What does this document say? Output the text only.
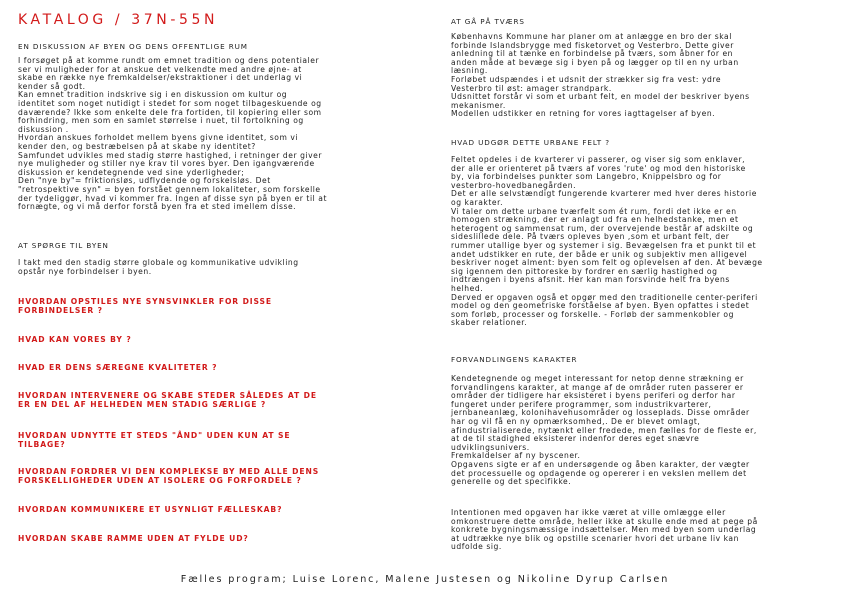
KATALOG / 37N-55N
EN DISKUSSION AF BYEN OG DENS OFFENTLIGE RUM

I forsøget på at komme rundt om emnet tradition og dens potentialer
ser vi muligheder for at anskue det velkendte med andre øjne- at
skabe en række nye fremkaldelser/ekstraktioner i det underlag vi
kender så godt.
Kan emnet tradition indskrive sig i en diskussion om kultur og
identitet som noget nutidigt i stedet for som noget tilbageskuende og
daværende? Ikke som enkelte dele fra fortiden, til kopiering eller som
forhindring, men som en samlet størrelse i nuet, til fortolkning og
diskussion .
Hvordan anskues forholdet mellem byens givne identitet, som vi
kender den, og bestræbelsen på at skabe ny identitet?
Samfundet udvikles med stadig større hastighed, i retninger der giver
nye muligheder og stiller nye krav til vores byer. Den igangværende
diskussion er kendetegnende ved sine yderligheder;
Den "nye by"= friktionsløs, udflydende og forskelsløs. Det
"retrospektive syn" = byen forstået gennem lokaliteter, som forskelle
der tydeliggør, hvad vi kommer fra. Ingen af disse syn på byen er til at
fornægte, og vi må derfor forstå byen fra et sted imellem disse.

AT SPØRGE TIL BYEN

I takt med den stadig større globale og kommunikative udvikling
opstår nye forbindelser i byen.

HVORDAN OPSTILES NYE SYNSVINKLER FOR DISSE
FORBINDELSER ?

HVAD KAN VORES BY ?

HVAD ER DENS SÆREGNE KVALITETER ?

HVORDAN INTERVENERE OG SKABE STEDER SÅLEDES AT DE
ER EN DEL AF HELHEDEN MEN STADIG SÆRLIGE ?

HVORDAN UDNYTTE ET STEDS "ÅND" UDEN KUN AT SE
TILBAGE?

HVORDAN FORDRER VI DEN KOMPLEKSE BY MED ALLE DENS
FORSKELLIGHEDER UDEN AT ISOLERE OG FORFORDELE ?

HVORDAN KOMMUNIKERE ET USYNLIGT FÆLLESKAB?

HVORDAN SKABE RAMME UDEN AT FYLDE UD?

AT GÅ PÅ TVÆRS

Københavns Kommune har planer om at anlægge en bro der skal
forbinde Islandsbrygge med fisketorvet og Vesterbro. Dette giver
anledning til at tænke en forbindelse på tværs, som åbner for en
anden måde at bevæge sig i byen på og lægger op til en ny urban
læsning.
Forløbet udspændes i et udsnit der strækker sig fra vest: ydre
Vesterbro til øst: amager strandpark.
Udsnittet forstår vi som et urbant felt, en model der beskriver byens
mekanismer.
Modellen udstikker en retning for vores iagttagelser af byen.

HVAD UDGØR DETTE URBANE FELT ?

Feltet opdeles i de kvarterer vi passerer, og viser sig som enklaver,
der alle er orienteret på tværs af vores 'rute' og mod den historiske
by, via forbindelses punkter som Langebro, Knippelsbro og for
vesterbro-hovedbanegården.
Det er alle selvstændigt fungerende kvarterer med hver deres historie
og karakter.
Vi taler om dette urbane tværfelt som ét rum, fordi det ikke er en
homogen strækning, der er anlagt ud fra en helhedstanke, men et
heterogent og sammensat rum, der overvejende består af adskilte og
sideslillede dele. På tværs opleves byen ,som et urbant felt, der
rummer utallige byer og systemer i sig. Bevægelsen fra et punkt til et
andet udstikker en rute, der både er unik og subjektiv men alligevel
beskriver noget alment: byen som felt og oplevelsen af den. At bevæge
sig igennem den pittoreske by fordrer en særlig hastighed og
indtrængen i byens afsnit. Her kan man forsvinde helt fra byens
helhed.
Derved er opgaven også et opgør med den traditionelle center-periferi
model og den geometriske forståelse af byen. Byen opfattes i stedet
som forløb, processer og forskelle. - Forløb der sammenkobler og
skaber relationer.

FORVANDLINGENS KARAKTER

Kendetegnende og meget interessant for netop denne strækning er
forvandlingens karakter, at mange af de områder ruten passerer er
områder der tidligere har eksisteret i byens periferi og derfor har
fungeret under perifere programmer, som industrikvarterer,
jernbaneanlæg, kolonihavehusområder og losseplads. Disse områder
har og vil få en ny opmærksomhed,. De er blevet omlagt,
afindustrialiserede, nytænkt eller fredede, men fælles for de fleste er,
at de til stadighed eksisterer indenfor deres eget snævre
udviklingsunivers.
Fremkaldelser af ny byscener.
Opgavens sigte er af en undersøgende og åben karakter, der vægter
det processuelle og opdagende og opererer i en vekslen mellem det
generelle og det specifikke.

Intentionen med opgaven har ikke været at ville omlægge eller
omkonstruere dette område, heller ikke at skulle ende med at pege på
konkrete bygningsmæssige indsættelser. Men med byen som underlag
at udtrække nye blik og opstille scenarier hvori det urbane liv kan
udfolde sig.

Fælles program; Luise Lorenc, Malene Justesen og Nikoline Dyrup Carlsen
